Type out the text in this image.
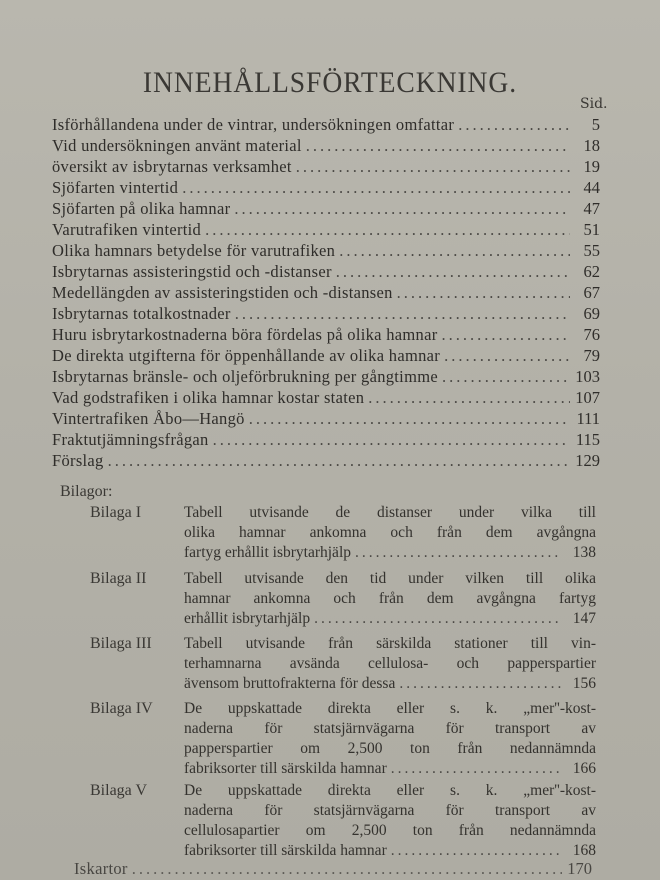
INNEHÅLLSFÖRTECKNING.
Sid.
Isförhållandena under de vintrar, undersökningen omfattar .....	5
Vid undersökningen använt material .....	18
översikt av isbrytarnas verksamhet .....	19
Sjöfarten vintertid .....	44
Sjöfarten på olika hamnar .....	47
Varutrafiken vintertid .....	51
Olika hamnars betydelse för varutrafiken .....	55
Isbrytarnas assisteringstid och -distanser .....	62
Medellängden av assisteringstiden och -distansen .....	67
Isbrytarnas totalkostnader .....	69
Huru isbrytarkostnaderna böra fördelas på olika hamnar .....	76
De direkta utgifterna för öppenhållande av olika hamnar .....	79
Isbrytarnas bränsle- och oljeförbrukning per gångtimme .....	103
Vad godstrafiken i olika hamnar kostar staten .....	107
Vintertrafiken Åbo—Hangö .....	111
Fraktutjämningsfrågan .....	115
Förslag .....	129
Bilagor:
Bilaga I	Tabell utvisande de distanser under vilka till
olika hamnar ankomna och från dem avgångna
fartyg erhållit isbrytarhjälp .....	138
Bilaga II Tabell utvisande den tid under vilken till olika
hamnar ankomna och från dem avgångna fartyg
erhållit isbrytarhjälp .....	147
Bilaga III Tabell utvisande från särskilda stationer till vin-
terhamnarna avsända cellulosa- och papperspartier
ävensom bruttofrakterna för dessa .....	156
Bilaga IV De uppskattade direkta eller s. k. „mer''-kost-
naderna för statsjärnvägarna för transport av
papperspartier om 2,500 ton från nedannämnda
fabriksorter till särskilda hamnar .....	166
Bilaga V De uppskattade direkta eller s. k. „mer''-kost-
naderna för statsjärnvägarna för transport av
cellulosapartier om 2,500 ton från nedannämnda
fabriksorter till särskilda hamnar .....	168
Iskartor .....	170
